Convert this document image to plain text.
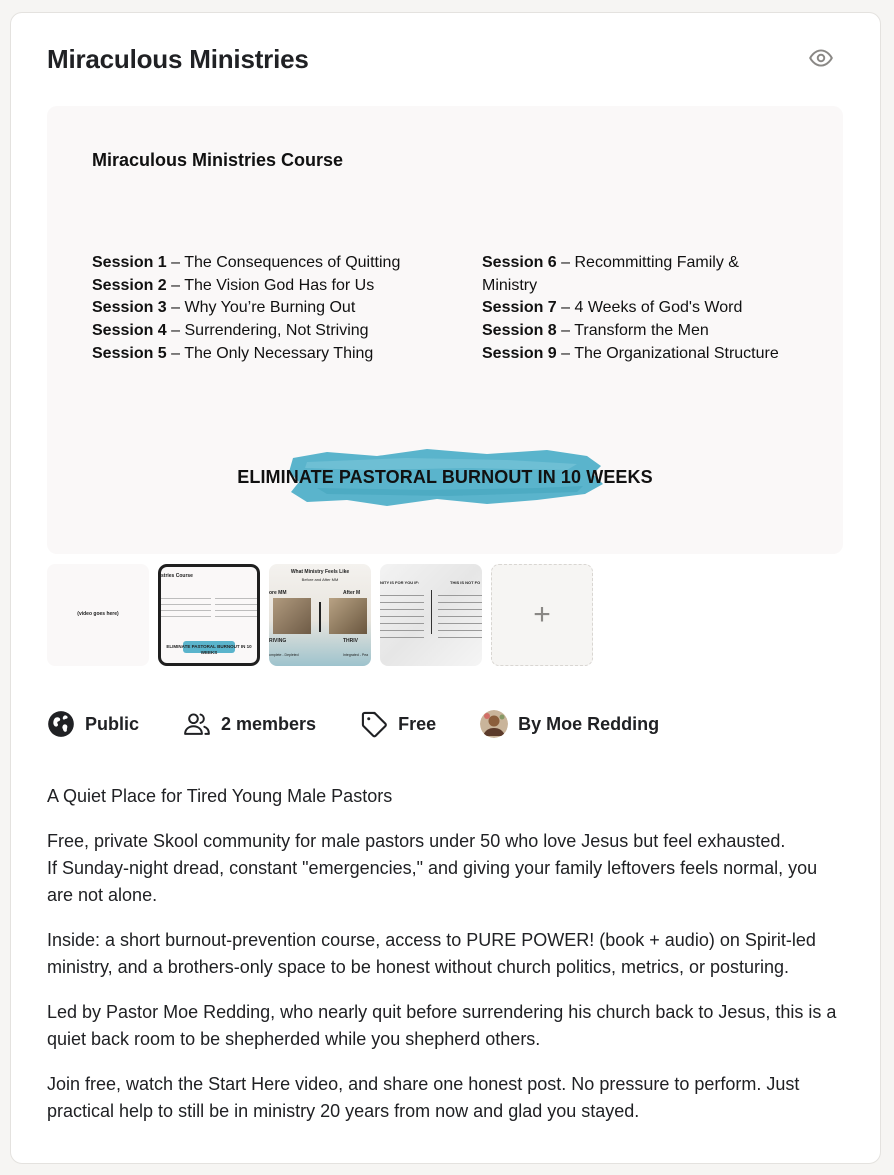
Miraculous Ministries
Miraculous Ministries Course
Session 1 – The Consequences of Quitting
Session 2 – The Vision God Has for Us
Session 3 – Why You’re Burning Out
Session 4 – Surrendering, Not Striving
Session 5 – The Only Necessary Thing
Session 6 – Recommitting Family & Ministry
Session 7 – 4 Weeks of God's Word
Session 8 – Transform the Men
Session 9 – The Organizational Structure
ELIMINATE PASTORAL BURNOUT IN 10 WEEKS
(video goes here)
stries Course
ELIMINATE PASTORAL BURNOUT IN 10 WEEKS
What Ministry Feels Like
Before and After MM
ore MM	After M
RIVING	THRIV
omplete - Depleted	Integrated - Pea
NITY IS FOR YOU IF:	THIS IS NOT FO
+
Public	2 members	Free	By Moe Redding

A Quiet Place for Tired Young Male Pastors

Free, private Skool community for male pastors under 50 who love Jesus but feel exhausted.
If Sunday-night dread, constant "emergencies," and giving your family leftovers feels normal, you are not alone.

Inside: a short burnout-prevention course, access to PURE POWER! (book + audio) on Spirit-led ministry, and a brothers-only space to be honest without church politics, metrics, or posturing.

Led by Pastor Moe Redding, who nearly quit before surrendering his church back to Jesus, this is a quiet back room to be shepherded while you shepherd others.

Join free, watch the Start Here video, and share one honest post. No pressure to perform. Just practical help to still be in ministry 20 years from now and glad you stayed.
